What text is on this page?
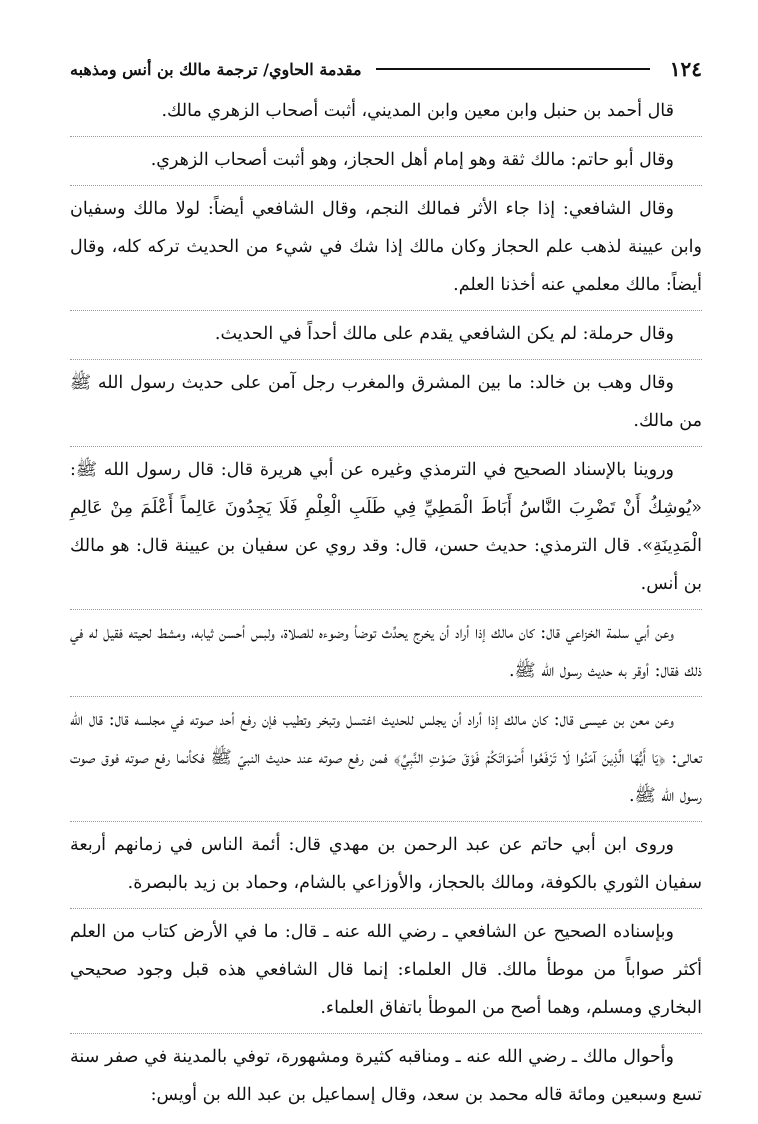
١٢٤
مقدمة الحاوي/ ترجمة مالك بن أنس ومذهبه

قال أحمد بن حنبل وابن معين وابن المديني، أثبت أصحاب الزهري مالك.

وقال أبو حاتم: مالك ثقة وهو إمام أهل الحجاز، وهو أثبت أصحاب الزهري.

وقال الشافعي: إذا جاء الأثر فمالك النجم، وقال الشافعي أيضاً: لولا مالك وسفيان وابن عيينة لذهب علم الحجاز وكان مالك إذا شك في شيء من الحديث تركه كله، وقال أيضاً: مالك معلمي عنه أخذنا العلم.

وقال حرملة: لم يكن الشافعي يقدم على مالك أحداً في الحديث.

وقال وهب بن خالد: ما بين المشرق والمغرب رجل آمن على حديث رسول الله ﷺ من مالك.

وروينا بالإسناد الصحيح في الترمذي وغيره عن أبي هريرة قال: قال رسول الله ﷺ: «يُوشِكُ أَنْ تَضْرِبَ النَّاسُ أَبَاطَ الْمَطِيِّ فِي طَلَبِ الْعِلْمِ فَلَا يَجِدُونَ عَالِماً أَعْلَمَ مِنْ عَالِمِ الْمَدِينَةِ». قال الترمذي: حديث حسن، قال: وقد روي عن سفيان بن عيينة قال: هو مالك بن أنس.

وعن أبي سلمة الخزاعي قال: كان مالك إذا أراد أن يخرج يحدِّث توضأ وضوءه للصلاة، ولبس أحسن ثيابه، ومشط لحيته فقيل له في ذلك فقال: أوقر به حديث رسول الله ﷺ.

وعن معن بن عيسى قال: كان مالك إذا أراد أن يجلس للحديث اغتسل وتبخر وتطيب فإن رفع أحد صوته في مجلسه قال: قال الله تعالى: ﴿يَا أَيُّهَا الَّذِينَ آمَنُوا لَا تَرْفَعُوا أَصْوَاتَكُمْ فَوْقَ صَوْتِ النَّبِيِّ﴾ فمن رفع صوته عند حديث النبيّ ﷺ فكأنما رفع صوته فوق صوت رسول الله ﷺ.

وروى ابن أبي حاتم عن عبد الرحمن بن مهدي قال: أئمة الناس في زمانهم أربعة سفيان الثوري بالكوفة، ومالك بالحجاز، والأوزاعي بالشام، وحماد بن زيد بالبصرة.

وبإسناده الصحيح عن الشافعي ـ رضي الله عنه ـ قال: ما في الأرض كتاب من العلم أكثر صواباً من موطأ مالك. قال العلماء: إنما قال الشافعي هذه قبل وجود صحيحي البخاري ومسلم، وهما أصح من الموطأ باتفاق العلماء.

وأحوال مالك ـ رضي الله عنه ـ ومناقبه كثيرة ومشهورة، توفي بالمدينة في صفر سنة تسع وسبعين ومائة قاله محمد بن سعد، وقال إسماعيل بن عبد الله بن أويس:
